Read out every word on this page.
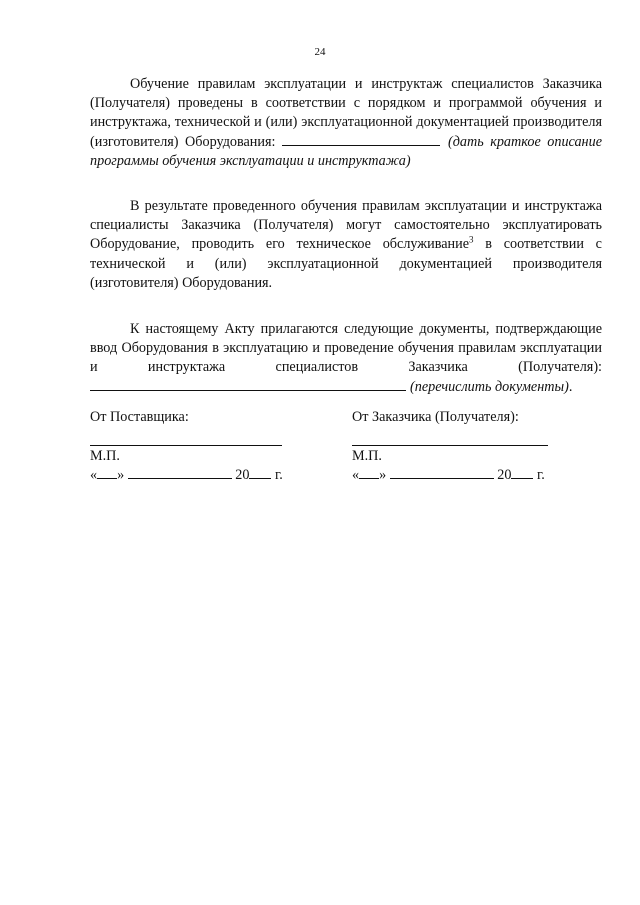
24

Обучение правилам эксплуатации и инструктаж специалистов Заказчика (Получателя) проведены в соответствии с порядком и программой обучения и инструктажа, технической и (или) эксплуатационной документацией производителя (изготовителя) Оборудования:	(дать краткое описание программы обучения эксплуатации и инструктажа)

В результате проведенного обучения правилам эксплуатации и инструктажа специалисты Заказчика (Получателя) могут самостоятельно эксплуатировать Оборудование, проводить его техническое обслуживание$^3$ в соответствии с технической и (или) эксплуатационной документацией производителя (изготовителя) Оборудования.

К настоящему Акту прилагаются следующие документы, подтверждающие ввод Оборудования в эксплуатацию и проведение обучения правилам эксплуатации и инструктажа специалистов Заказчика (Получателя): (перечислить документы).

От Поставщика:
М.П.
« »	20 г.
От Заказчика (Получателя):
М.П.
« »	20 г.
